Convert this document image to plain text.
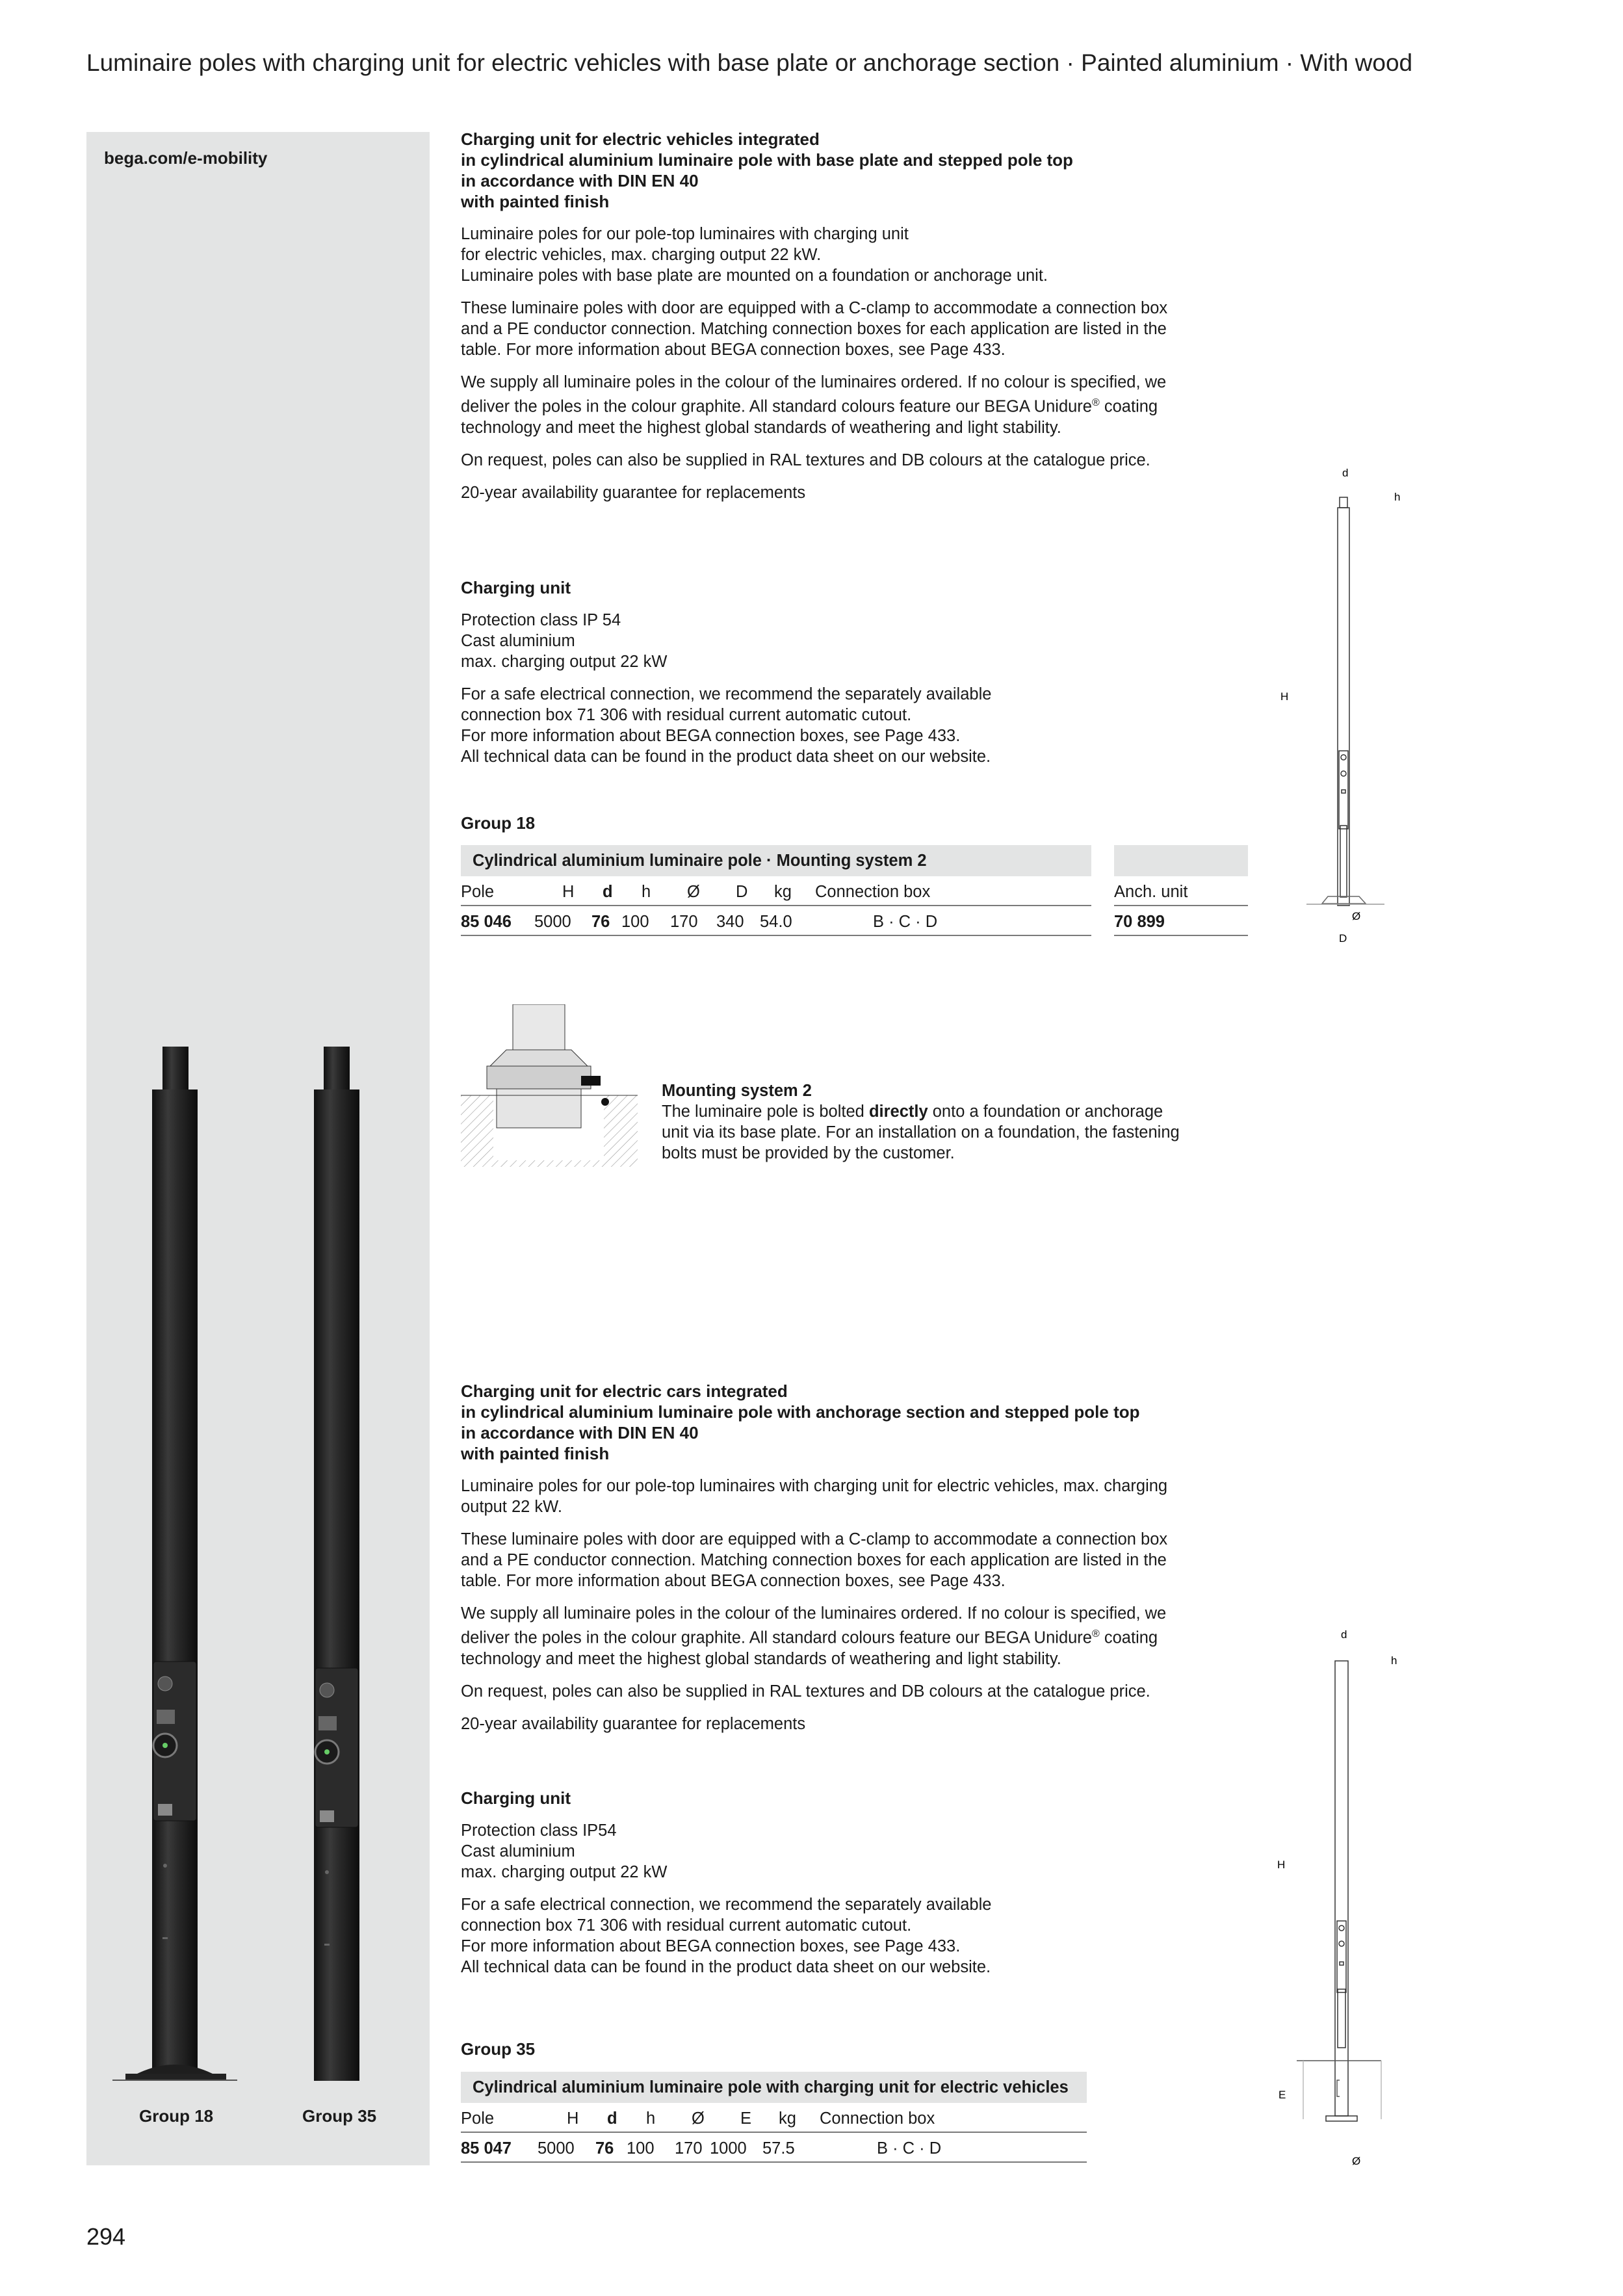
Luminaire poles with charging unit for electric vehicles with base plate or anchorage section · Painted aluminium · With wood
bega.com/e-mobility
Group 18	Group 35
Charging unit for electric vehicles integrated
in cylindrical aluminium luminaire pole with base plate and stepped pole top
in accordance with DIN EN 40
with painted finish

Luminaire poles for our pole-top luminaires with charging unit
for electric vehicles, max. charging output 22 kW.
Luminaire poles with base plate are mounted on a foundation or anchorage unit.

These luminaire poles with door are equipped with a C-clamp to accommodate a connection box
and a PE conductor connection. Matching connection boxes for each application are listed in the
table. For more information about BEGA connection boxes, see Page 433.

We supply all luminaire poles in the colour of the luminaires ordered. If no colour is specified, we
deliver the poles in the colour graphite. All standard colours feature our BEGA Unidure® coating
technology and meet the highest global standards of weathering and light stability.

On request, poles can also be supplied in RAL textures and DB colours at the catalogue price.

20-year availability guarantee for replacements

Charging unit

Protection class IP 54
Cast aluminium
max. charging output 22 kW

For a safe electrical connection, we recommend the separately available
connection box 71 306 with residual current automatic cutout.
For more information about BEGA connection boxes, see Page 433.
All technical data can be found in the product data sheet on our website.

Group 18
Cylindrical aluminium luminaire pole · Mounting system 2
Pole	H d h Ø D kg Connection box
85 046 5000 76 100 170 340 54.0	B · C · D
Anch. unit
70 899
d
h
H
Ø
D
Mounting system 2
The luminaire pole is bolted directly onto a foundation or anchorage
unit via its base plate. For an installation on a foundation, the fastening
bolts must be provided by the customer.
Charging unit for electric cars integrated
in cylindrical aluminium luminaire pole with anchorage section and stepped pole top
in accordance with DIN EN 40
with painted finish

Luminaire poles for our pole-top luminaires with charging unit for electric vehicles, max. charging
output 22 kW.

These luminaire poles with door are equipped with a C-clamp to accommodate a connection box
and a PE conductor connection. Matching connection boxes for each application are listed in the
table. For more information about BEGA connection boxes, see Page 433.

We supply all luminaire poles in the colour of the luminaires ordered. If no colour is specified, we
deliver the poles in the colour graphite. All standard colours feature our BEGA Unidure® coating
technology and meet the highest global standards of weathering and light stability.

On request, poles can also be supplied in RAL textures and DB colours at the catalogue price.

20-year availability guarantee for replacements

Charging unit

Protection class IP54
Cast aluminium
max. charging output 22 kW

For a safe electrical connection, we recommend the separately available
connection box 71 306 with residual current automatic cutout.
For more information about BEGA connection boxes, see Page 433.
All technical data can be found in the product data sheet on our website.

Group 35
Cylindrical aluminium luminaire pole with charging unit for electric vehicles
Pole	H d h Ø E kg Connection box
85 047 5000 76 100 170 1000 57.5	B · C · D
d
h
H
E
Ø
294
